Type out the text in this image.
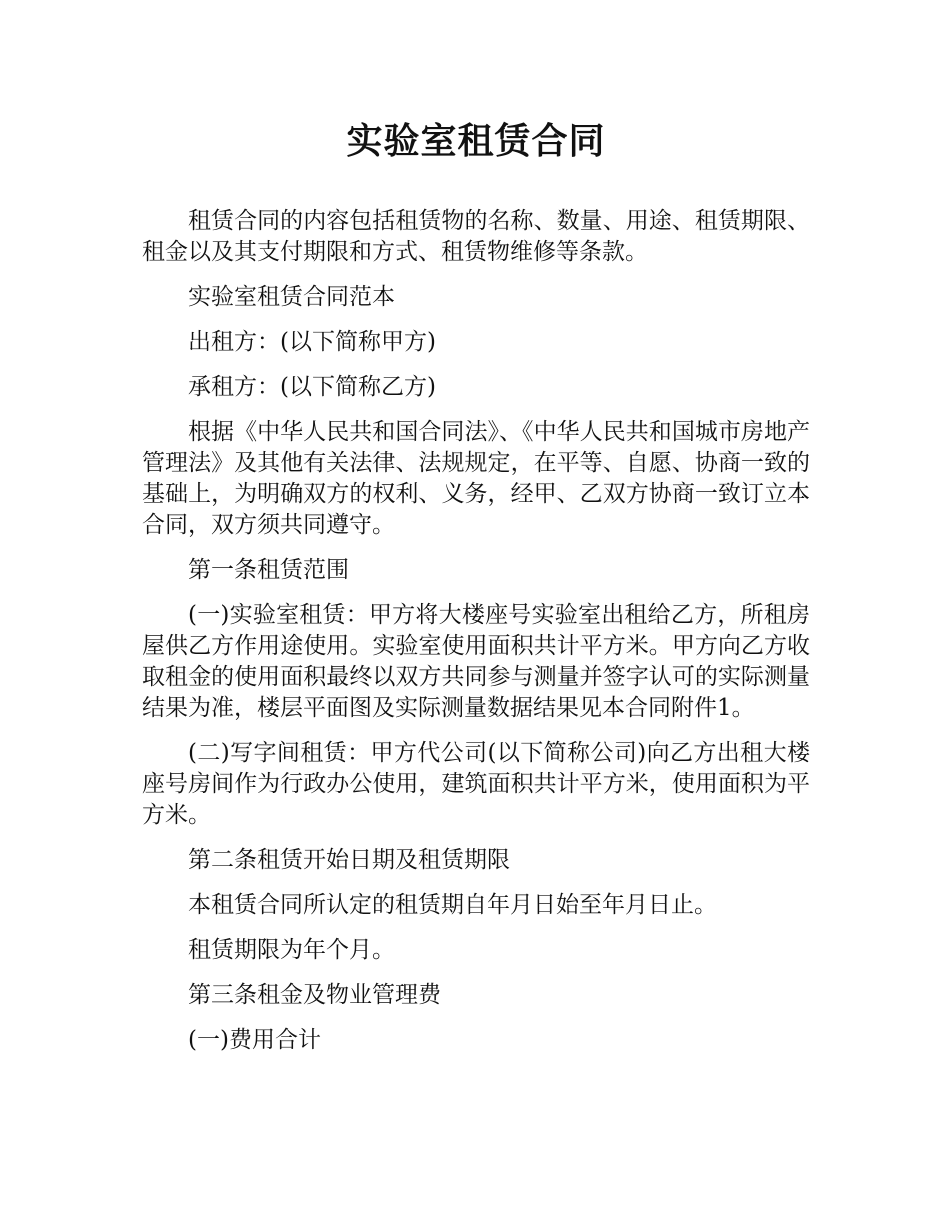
实验室租赁合同

租赁合同的内容包括租赁物的名称、数量、用途、租赁期限、租金以及其支付期限和方式、租赁物维修等条款。

实验室租赁合同范本

出租方：(以下简称甲方)

承租方：(以下简称乙方)

根据《中华人民共和国合同法》、《中华人民共和国城市房地产管理法》及其他有关法律、法规规定，在平等、自愿、协商一致的基础上，为明确双方的权利、义务，经甲、乙双方协商一致订立本合同，双方须共同遵守。

第一条租赁范围

(一)实验室租赁：甲方将大楼座号实验室出租给乙方，所租房屋供乙方作用途使用。实验室使用面积共计平方米。甲方向乙方收取租金的使用面积最终以双方共同参与测量并签字认可的实际测量结果为准，楼层平面图及实际测量数据结果见本合同附件1。

(二)写字间租赁：甲方代公司(以下简称公司)向乙方出租大楼座号房间作为行政办公使用，建筑面积共计平方米，使用面积为平方米。

第二条租赁开始日期及租赁期限

本租赁合同所认定的租赁期自年月日始至年月日止。

租赁期限为年个月。

第三条租金及物业管理费

(一)费用合计
